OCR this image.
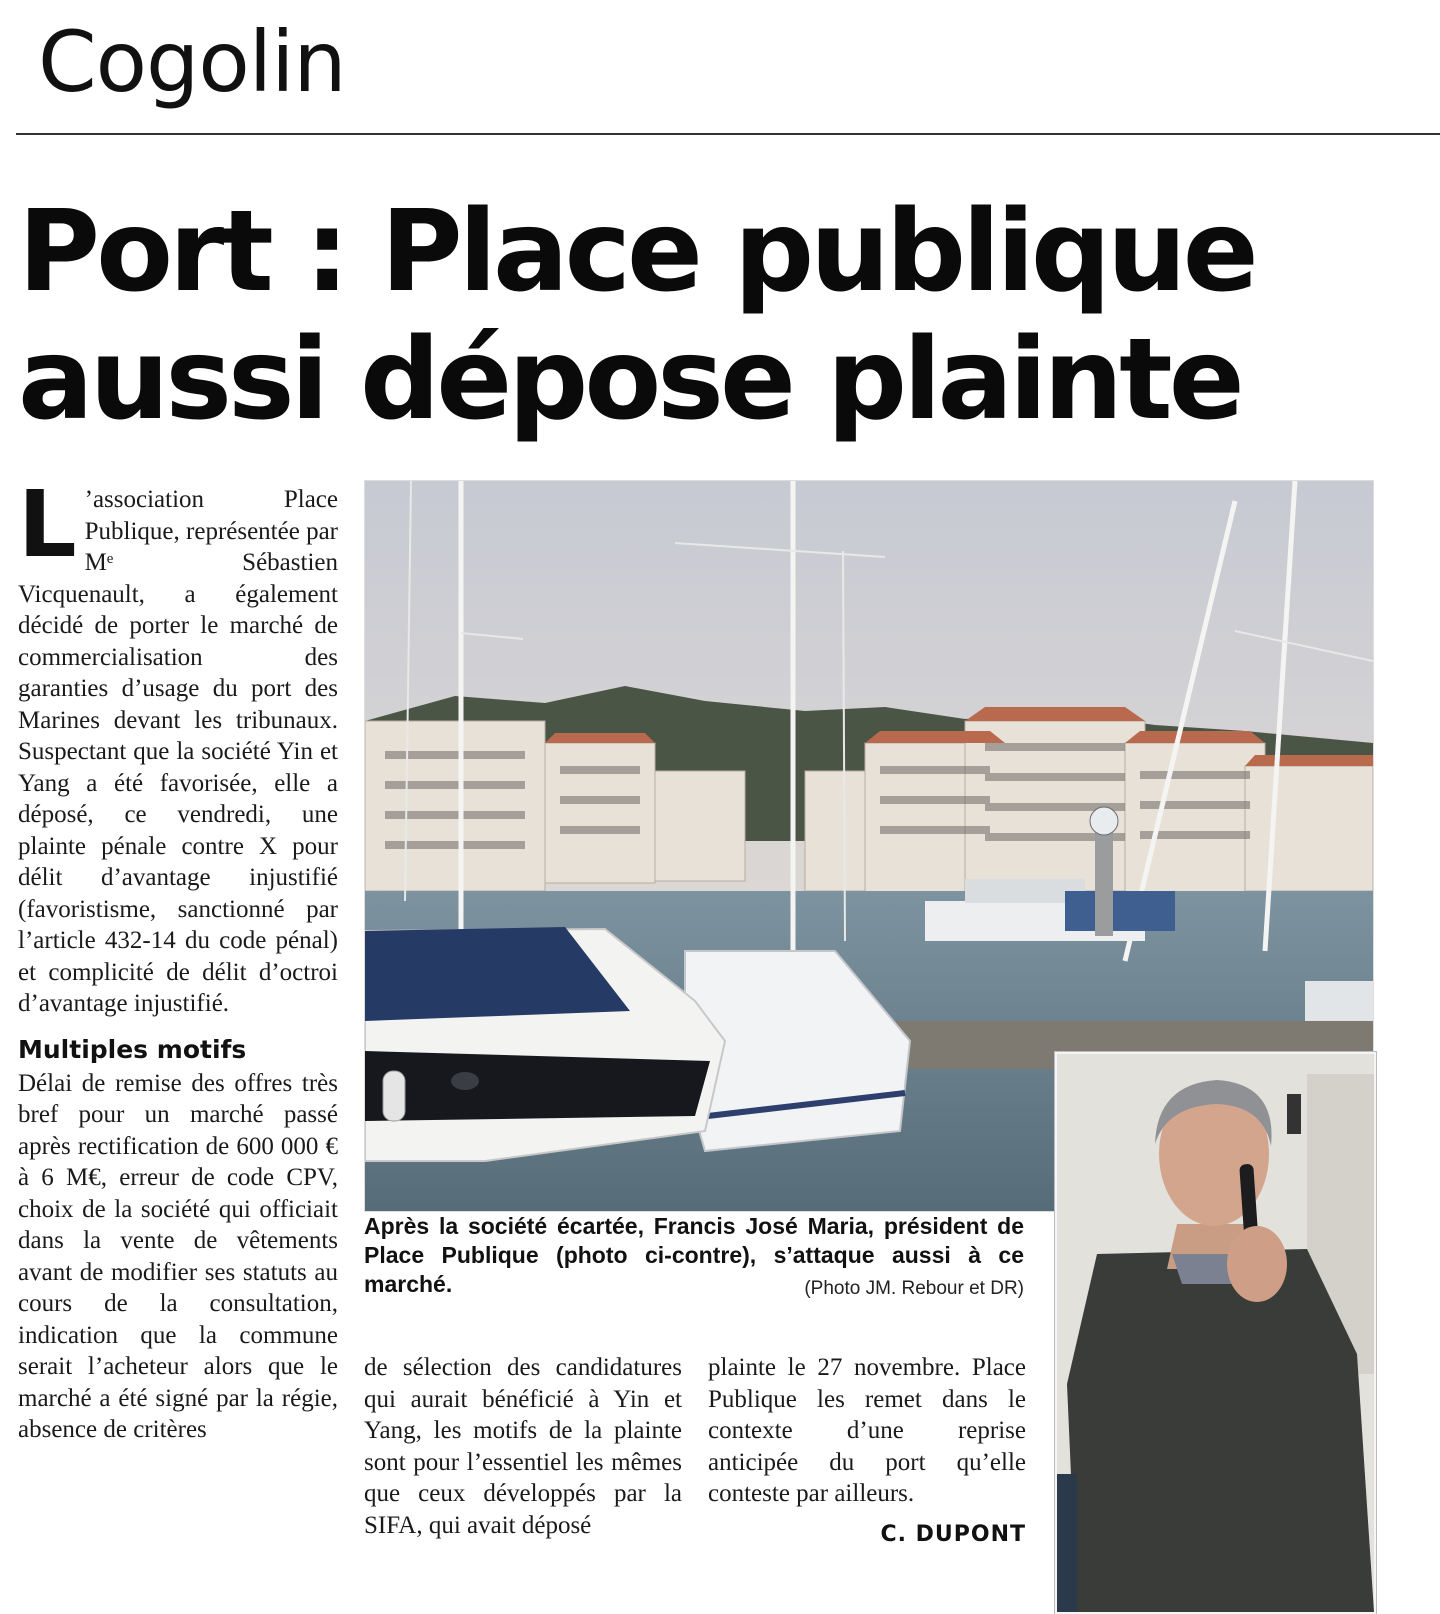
Cogolin
Port : Place publique
aussi dépose plainte
L ’association Place Publique, représentée par Mᵉ Sébastien Vicquenault, a également décidé de porter le marché de commercialisation des garanties d’usage du port des Marines devant les tribunaux. Suspectant que la société Yin et Yang a été favorisée, elle a déposé, ce vendredi, une plainte pénale contre X pour délit d’avantage injustifié (favoristisme, sanctionné par l’article 432-14 du code pénal) et complicité de délit d’octroi d’avantage injustifié.

Multiples motifs

Délai de remise des offres très bref pour un marché passé après rectification de 600 000 € à 6 M€, erreur de code CPV, choix de la société qui officiait dans la vente de vêtements avant de modifier ses statuts au cours de la consultation, indication que la commune serait l’acheteur alors que le marché a été signé par la régie, absence de critères

Après la société écartée, Francis José Maria, président de Place Publique (photo ci-contre), s’attaque aussi à ce marché.	(Photo JM. Rebour et DR)

de sélection des candidatures qui aurait bénéficié à Yin et Yang, les motifs de la plainte sont pour l’essentiel les mêmes que ceux développés par la SIFA, qui avait déposé

plainte le 27 novembre. Place Publique les remet dans le contexte d’une reprise anticipée du port qu’elle conteste par ailleurs.

C. DUPONT
